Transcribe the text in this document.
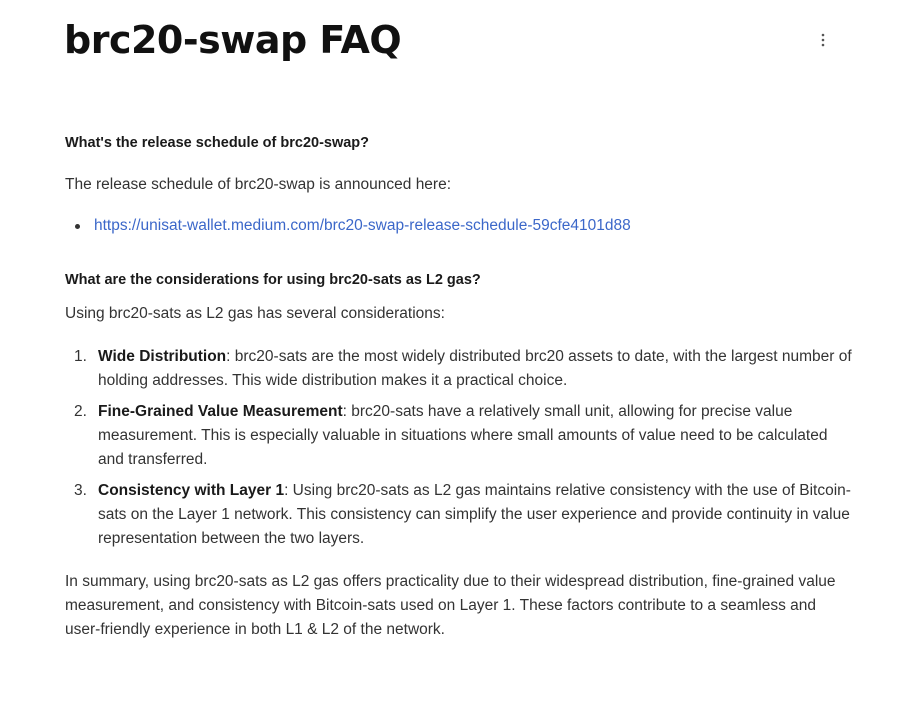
brc20-swap FAQ
What's the release schedule of brc20-swap?

The release schedule of brc20-swap is announced here:

https://unisat-wallet.medium.com/brc20-swap-release-schedule-59cfe4101d88
What are the considerations for using brc20-sats as L2 gas?

Using brc20-sats as L2 gas has several considerations:

1. Wide Distribution: brc20-sats are the most widely distributed brc20 assets to date, with the largest number of holding addresses. This wide distribution makes it a practical choice.
2. Fine-Grained Value Measurement: brc20-sats have a relatively small unit, allowing for precise value measurement. This is especially valuable in situations where small amounts of value need to be calculated and transferred.
3. Consistency with Layer 1: Using brc20-sats as L2 gas maintains relative consistency with the use of Bitcoin-sats on the Layer 1 network. This consistency can simplify the user experience and provide continuity in value representation between the two layers.

In summary, using brc20-sats as L2 gas offers practicality due to their widespread distribution, fine-grained value measurement, and consistency with Bitcoin-sats used on Layer 1. These factors contribute to a seamless and user-friendly experience in both L1 & L2 of the network.
